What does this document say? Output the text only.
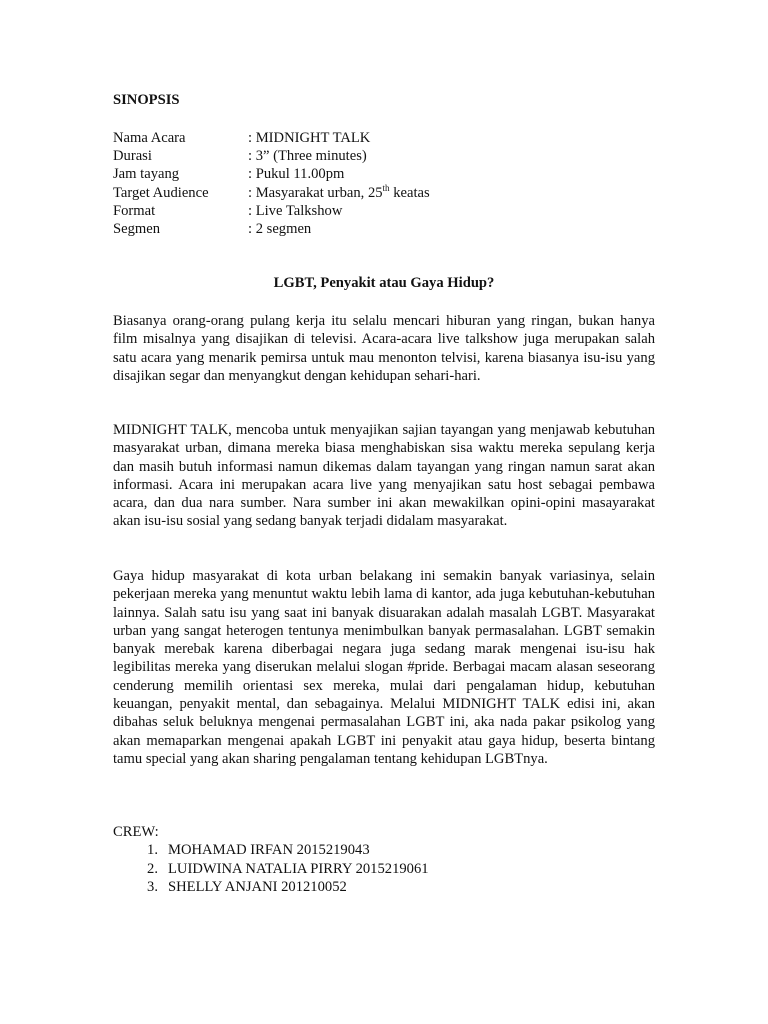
SINOPSIS
Nama Acara	: MIDNIGHT TALK
Durasi	: 3” (Three minutes)
Jam tayang	: Pukul 11.00pm
Target Audience	: Masyarakat urban, 25th keatas
Format	: Live Talkshow
Segmen	: 2 segmen
LGBT, Penyakit atau Gaya Hidup?

Biasanya orang-orang pulang kerja itu selalu mencari hiburan yang ringan, bukan hanya film misalnya yang disajikan di televisi. Acara-acara live talkshow juga merupakan salah satu acara yang menarik pemirsa untuk mau menonton telvisi, karena biasanya isu-isu yang disajikan segar dan menyangkut dengan kehidupan sehari-hari.

MIDNIGHT TALK, mencoba untuk menyajikan sajian tayangan yang menjawab kebutuhan masyarakat urban, dimana mereka biasa menghabiskan sisa waktu mereka sepulang kerja dan masih butuh informasi namun dikemas dalam tayangan yang ringan namun sarat akan informasi. Acara ini merupakan acara live yang menyajikan satu host sebagai pembawa acara, dan dua nara sumber. Nara sumber ini akan mewakilkan opini-opini masayarakat akan isu-isu sosial yang sedang banyak terjadi didalam masyarakat.

Gaya hidup masyarakat di kota urban belakang ini semakin banyak variasinya, selain pekerjaan mereka yang menuntut waktu lebih lama di kantor, ada juga kebutuhan-kebutuhan lainnya. Salah satu isu yang saat ini banyak disuarakan adalah masalah LGBT. Masyarakat urban yang sangat heterogen tentunya menimbulkan banyak permasalahan. LGBT semakin banyak merebak karena diberbagai negara juga sedang marak mengenai isu-isu hak legibilitas mereka yang diserukan melalui slogan #pride. Berbagai macam alasan seseorang cenderung memilih orientasi sex mereka, mulai dari pengalaman hidup, kebutuhan keuangan, penyakit mental, dan sebagainya. Melalui MIDNIGHT TALK edisi ini, akan dibahas seluk beluknya mengenai permasalahan LGBT ini, aka nada pakar psikolog yang akan memaparkan mengenai apakah LGBT ini penyakit atau gaya hidup, beserta bintang tamu special yang akan sharing pengalaman tentang kehidupan LGBTnya.

CREW:
1. MOHAMAD IRFAN 2015219043
2. LUIDWINA NATALIA PIRRY 2015219061
3. SHELLY ANJANI 201210052
